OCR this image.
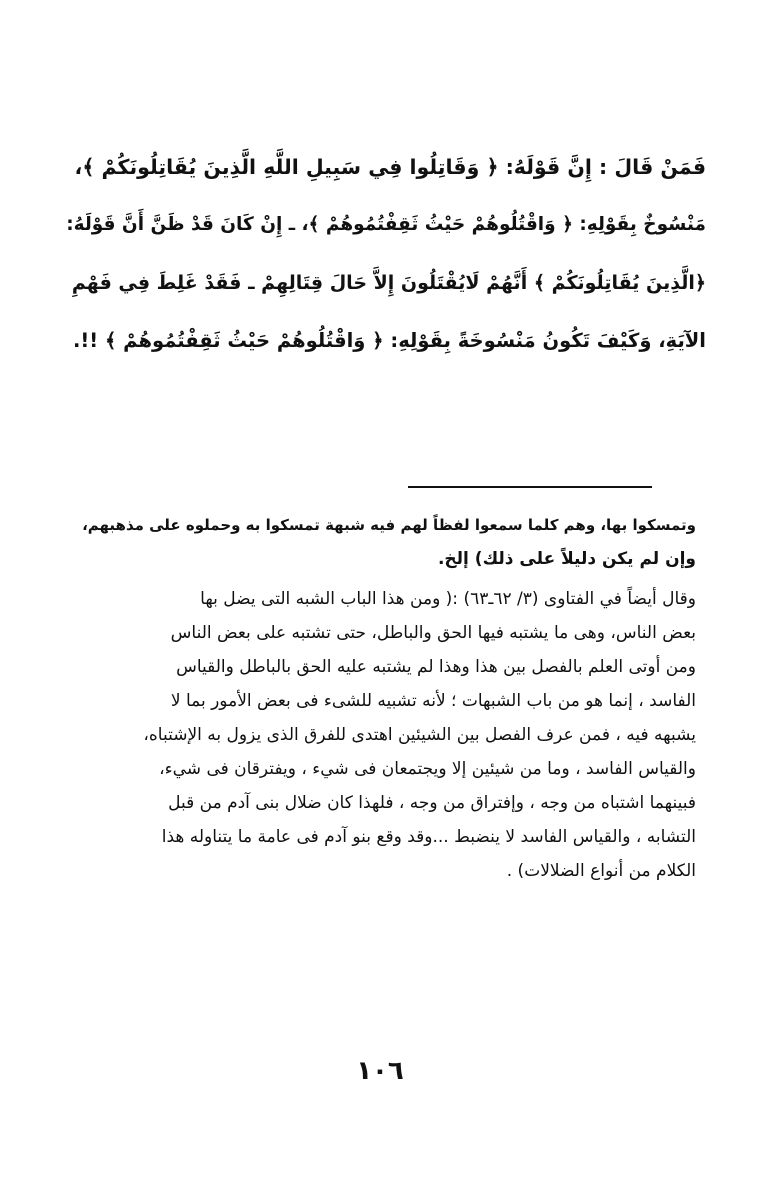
فَمَنْ قَالَ : إِنَّ قَوْلَهُ: ﴿ وَقَاتِلُوا فِي سَبِيلِ اللَّهِ الَّذِينَ يُقَاتِلُونَكُمْ ﴾،
مَنْسُوخٌ بِقَوْلِهِ: ﴿ وَاقْتُلُوهُمْ حَيْثُ ثَقِفْتُمُوهُمْ ﴾، ـ إِنْ كَانَ قَدْ ظَنَّ أَنَّ قَوْلَهُ:
﴿الَّذِينَ يُقَاتِلُونَكُمْ ﴾ أَنَّهُمْ لَايُقْتَلُونَ إِلاَّ حَالَ قِتَالِهِمْ ـ فَقَدْ غَلِطَ فِي فَهْمِ
الآيَةِ، وَكَيْفَ تَكُونُ مَنْسُوخَةً بِقَوْلِهِ: ﴿ وَاقْتُلُوهُمْ حَيْثُ ثَقِفْتُمُوهُمْ ﴾ !!.
وتمسكوا بها، وهم كلما سمعوا لفظاً لهم فيه شبهة تمسكوا به وحملوه على مذهبهم،
وإن لم يكن دليلاً على ذلك) إلخ.
وقال أيضاً في الفتاوى (٣/ ٦٢ـ٦٣) :( ومن هذا الباب الشبه التى يضل بها
بعض الناس، وهى ما يشتبه فيها الحق والباطل، حتى تشتبه على بعض الناس
ومن أوتى العلم بالفصل بين هذا وهذا لم يشتبه عليه الحق بالباطل والقياس
الفاسد ، إنما هو من باب الشبهات ؛ لأنه تشبيه للشىء فى بعض الأمور بما لا
يشبهه فيه ، فمن عرف الفصل بين الشيئين اهتدى للفرق الذى يزول به الإشتباه،
والقياس الفاسد ، وما من شيئين إلا ويجتمعان فى شيء ، ويفترقان فى شيء،
فبينهما اشتباه من وجه ، وإفتراق من وجه ، فلهذا كان ضلال بنى آدم من قبل
التشابه ، والقياس الفاسد لا ينضبط ...وقد وقع بنو آدم فى عامة ما يتناوله هذا
الكلام من أنواع الضلالات) .
١٠٦
